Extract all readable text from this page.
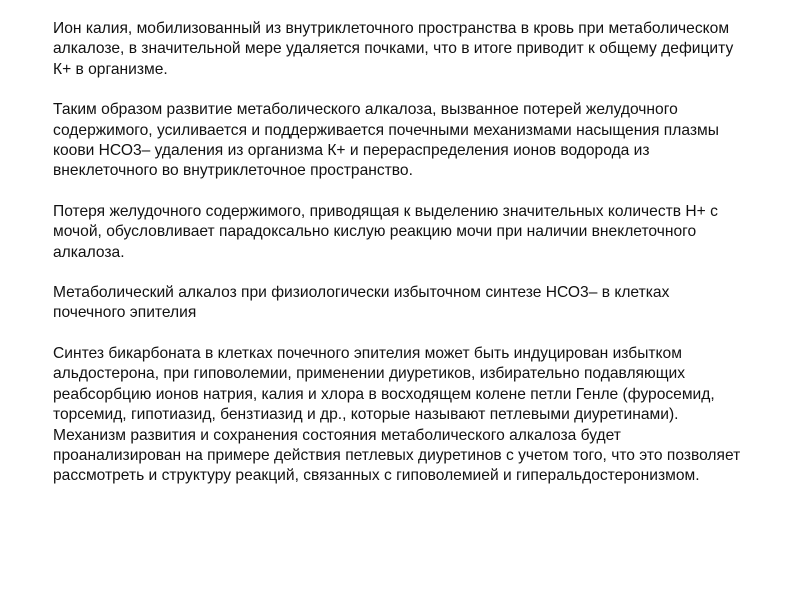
Ион калия, мобилизованный из внутриклеточного пространства в кровь при метаболическом алкалозе, в значительной мере удаляется почками, что в итоге приводит к общему дефициту К+ в организме.

Таким образом развитие метаболического алкалоза, вызванное потерей желудочного содержимого, усиливается и поддерживается почечными механизмами насыщения плазмы коови НСО3– удаления из организма К+ и перераспределения ионов водорода из внеклеточного во внутриклеточное пространство.

Потеря желудочного содержимого, приводящая к выделению значительных количеств Н+ с мочой, обусловливает парадоксально кислую реакцию мочи при наличии внеклеточного алкалоза.

Метаболический алкалоз при физиологически избыточном синтезе НСО3– в клетках почечного эпителия

Синтез бикарбоната в клетках почечного эпителия может быть индуцирован избытком альдостерона, при гиповолемии, применении диуретиков, избирательно подавляющих реабсорбцию ионов натрия, калия и хлора в восходящем колене петли Генле (фуросемид, торсемид, гипотиазид, бензтиазид и др., которые называют петлевыми диуретинами). Механизм развития и сохранения состояния метаболического алкалоза будет проанализирован на примере действия петлевых диуретинов с учетом того, что это позволяет рассмотреть и структуру реакций, связанных с гиповолемией и гиперальдостеронизмом.
